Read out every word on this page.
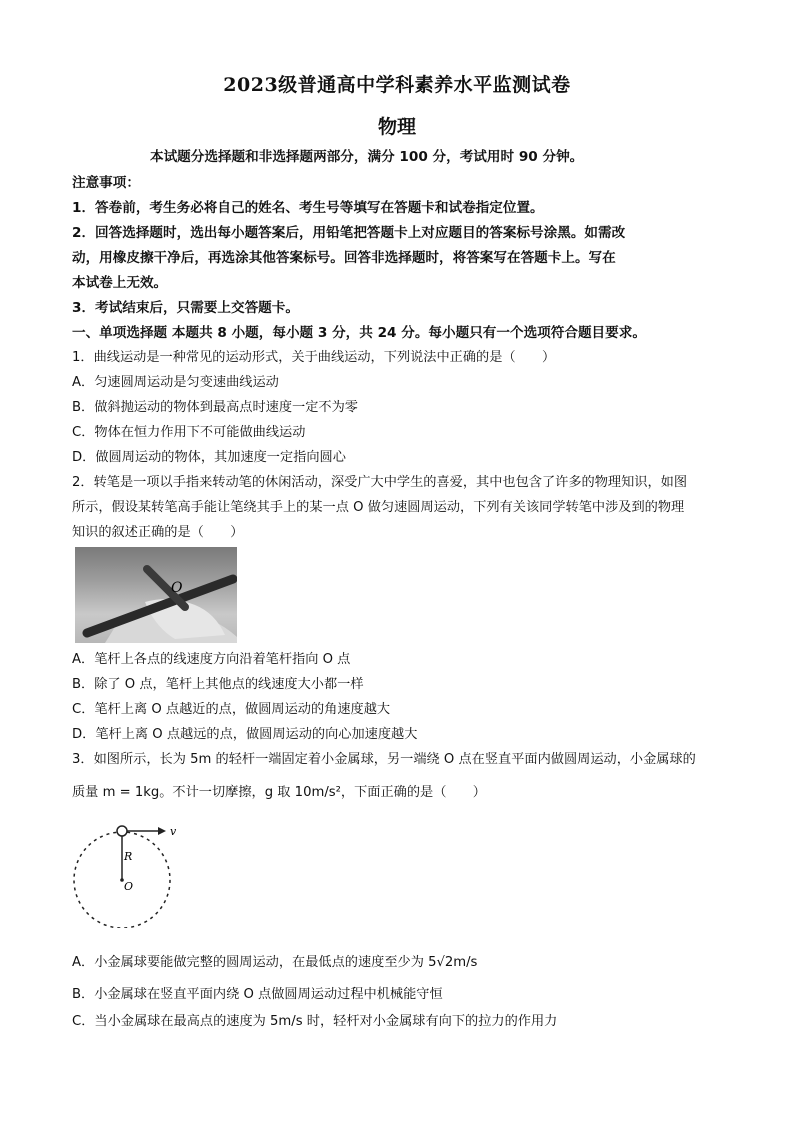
2023级普通高中学科素养水平监测试卷
物理
本试题分选择题和非选择题两部分，满分 100 分，考试用时 90 分钟。
注意事项：
1．答卷前，考生务必将自己的姓名、考生号等填写在答题卡和试卷指定位置。
2．回答选择题时，选出每小题答案后，用铅笔把答题卡上对应题目的答案标号涂黑。如需改
动，用橡皮擦干净后，再选涂其他答案标号。回答非选择题时，将答案写在答题卡上。写在
本试卷上无效。
3．考试结束后，只需要上交答题卡。
一、单项选择题 本题共 8 小题，每小题 3 分，共 24 分。每小题只有一个选项符合题目要求。
1．曲线运动是一种常见的运动形式，关于曲线运动，下列说法中正确的是（　　）
A．匀速圆周运动是匀变速曲线运动
B．做斜抛运动的物体到最高点时速度一定不为零
C．物体在恒力作用下不可能做曲线运动
D．做圆周运动的物体，其加速度一定指向圆心
2．转笔是一项以手指来转动笔的休闲活动，深受广大中学生的喜爱，其中也包含了许多的物理知识，如图
所示，假设某转笔高手能让笔绕其手上的某一点 O 做匀速圆周运动，下列有关该同学转笔中涉及到的物理
知识的叙述正确的是（　　）
O
A．笔杆上各点的线速度方向沿着笔杆指向 O 点
B．除了 O 点，笔杆上其他点的线速度大小都一样
C．笔杆上离 O 点越近的点，做圆周运动的角速度越大
D．笔杆上离 O 点越远的点，做圆周运动的向心加速度越大
3．如图所示，长为 5m 的轻杆一端固定着小金属球，另一端绕 O 点在竖直平面内做圆周运动，小金属球的
质量 m = 1kg。不计一切摩擦，g 取 10m/s²，下面正确的是（　　）
v
R
O
A．小金属球要能做完整的圆周运动，在最低点的速度至少为 5√2m/s
B．小金属球在竖直平面内绕 O 点做圆周运动过程中机械能守恒
C．当小金属球在最高点的速度为 5m/s 时，轻杆对小金属球有向下的拉力的作用力
